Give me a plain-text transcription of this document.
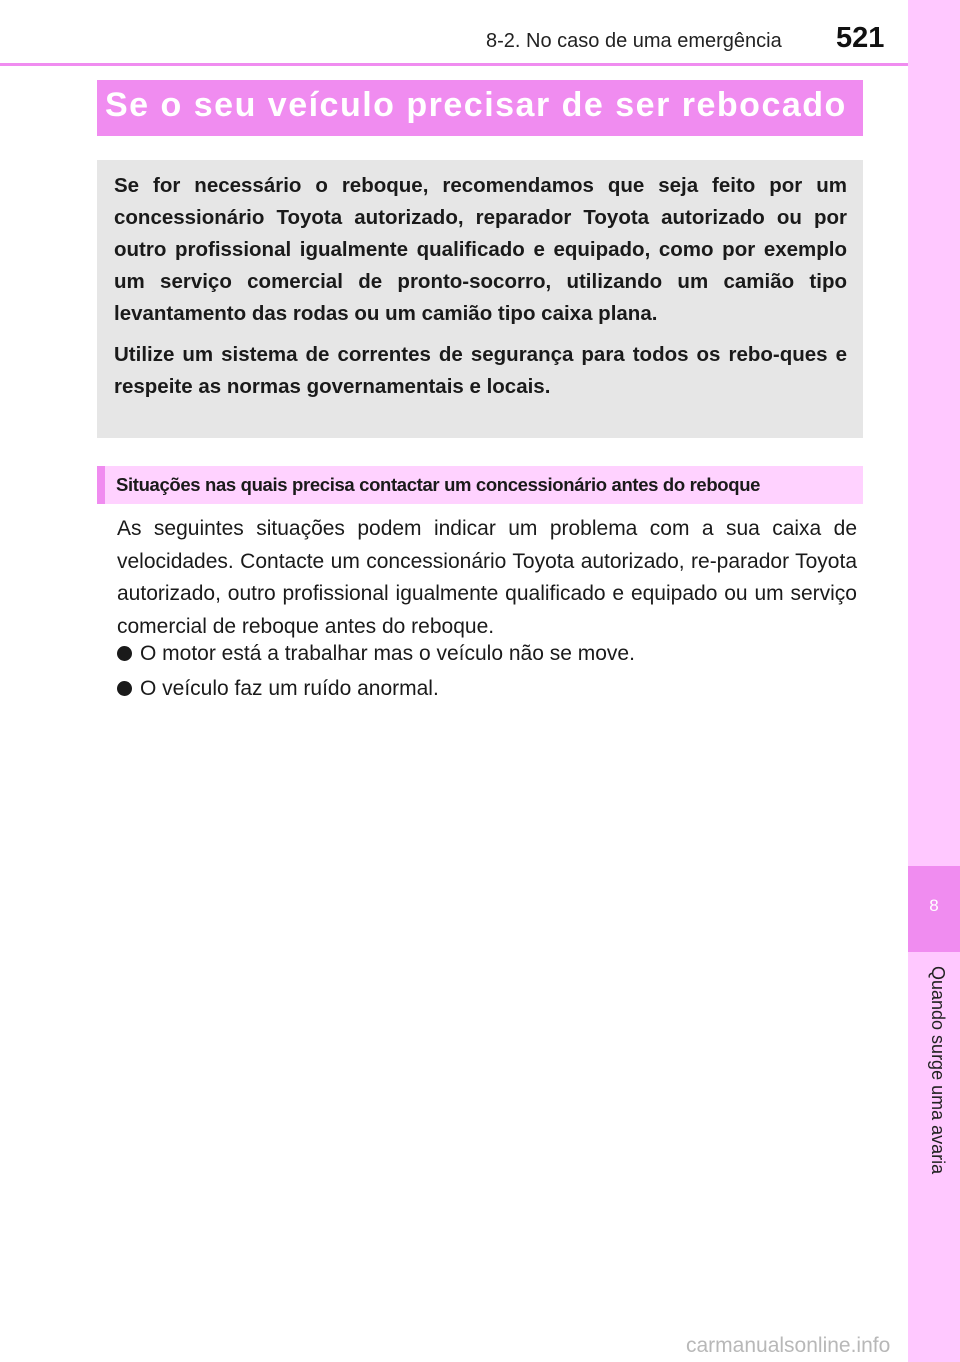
8-2. No caso de uma emergência 521
8
Quando surge uma avaria
Se o seu veículo precisar de ser rebocado

Se for necessário o reboque, recomendamos que seja feito por um concessionário Toyota autorizado, reparador Toyota autorizado ou por outro profissional igualmente qualificado e equipado, como por exemplo um serviço comercial de pronto-socorro, utilizando um camião tipo levantamento das rodas ou um camião tipo caixa plana.

Utilize um sistema de correntes de segurança para todos os rebo-ques e respeite as normas governamentais e locais.

Situações nas quais precisa contactar um concessionário antes do reboque

As seguintes situações podem indicar um problema com a sua caixa de velocidades. Contacte um concessionário Toyota autorizado, re-parador Toyota autorizado, outro profissional igualmente qualificado e equipado ou um serviço comercial de reboque antes do reboque.

O motor está a trabalhar mas o veículo não se move.
O veículo faz um ruído anormal.
carmanualsonline.info
